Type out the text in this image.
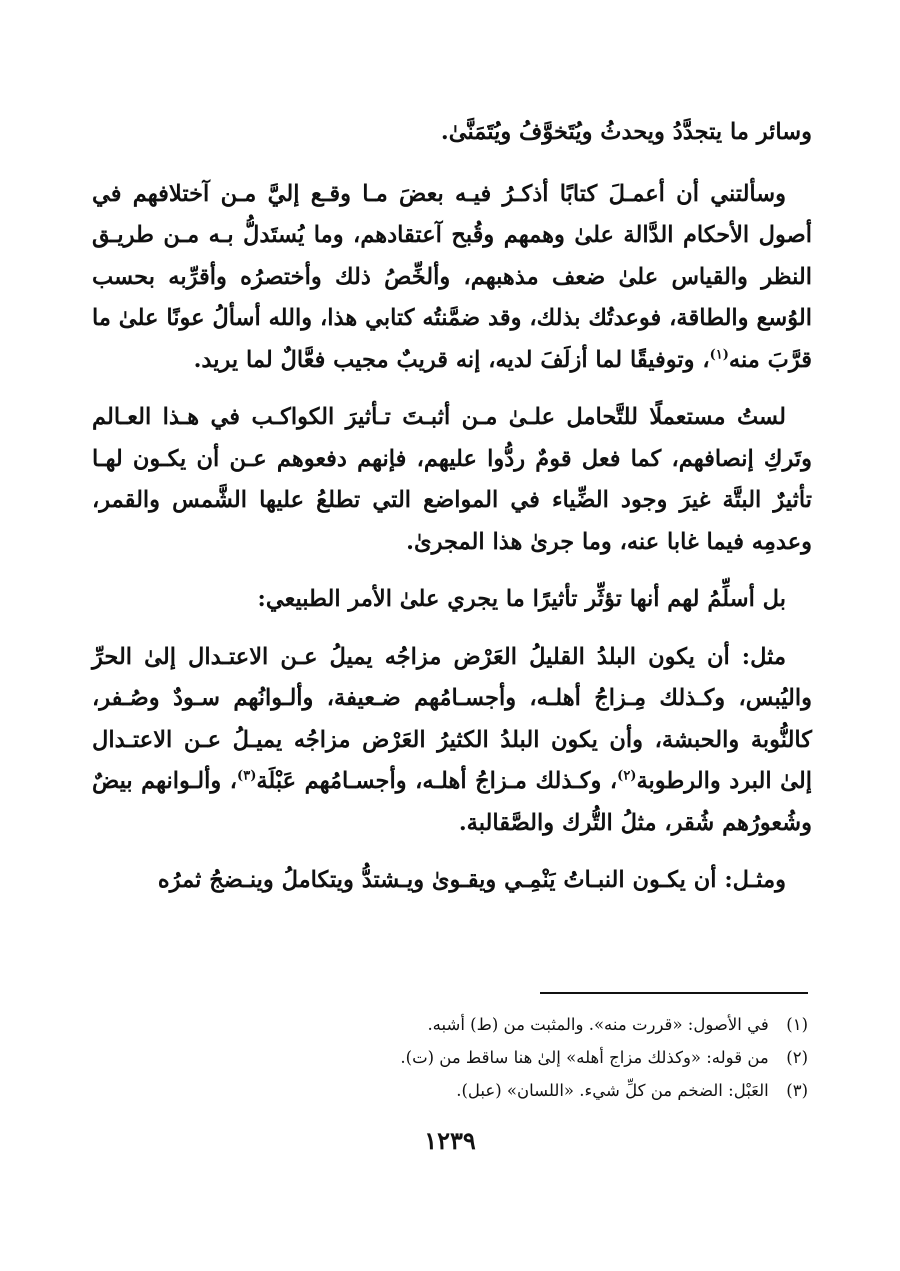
وسائر ما يتجدَّدُ ويحدثُ ويُتَخوَّفُ ويُتَمَنَّىٰ.

وسألتني أن أعمـلَ كتابًا أذكـرُ فيـه بعضَ مـا وقـع إليَّ مـن آختلافهم في أصول الأحكام الدَّالة علىٰ وهمهم وقُبح آعتقادهم، وما يُستَدلُّ بـه مـن طريـق النظر والقياس علىٰ ضعف مذهبهم، وألخِّصُ ذلك وأختصرُه وأقرِّبه بحسب الوُسع والطاقة، فوعدتُك بذلك، وقد ضمَّنتُه كتابي هذا، والله أسألُ عونًا علىٰ ما قرَّبَ منه$^{(١)}$، وتوفيقًا لما أزلَفَ لديه، إنه قريبٌ مجيب فعَّالٌ لما يريد.

لستُ مستعملًا للتَّحامل علـىٰ مـن أثبـتَ تـأثيرَ الكواكـب في هـذا العـالم وتَركِ إنصافهم، كما فعل قومٌ ردُّوا عليهم، فإنهم دفعوهم عـن أن يكـون لهـا تأثيرٌ البتَّة غيرَ وجود الضِّياء في المواضع التي تطلعُ عليها الشَّمس والقمر، وعدمِه فيما غابا عنه، وما جرىٰ هذا المجرىٰ.

بل أسلِّمُ لهم أنها تؤثِّر تأثيرًا ما يجري علىٰ الأمر الطبيعي:

مثل: أن يكون البلدُ القليلُ العَرْض مزاجُه يميلُ عـن الاعتـدال إلىٰ الحرِّ واليُبس، وكـذلك مِـزاجُ أهلـه، وأجسـامُهم ضـعيفة، وألـوانُهم سـودٌ وصُـفر، كالنُّوبة والحبشة، وأن يكون البلدُ الكثيرُ العَرْض مزاجُه يميـلُ عـن الاعتـدال إلىٰ البرد والرطوبة$^{(٢)}$، وكـذلك مـزاجُ أهلـه، وأجسـامُهم عَبْلَة$^{(٣)}$، وألـوانهم بيضٌ وشُعورُهم شُقر، مثلُ التُّرك والصَّقالبة.

ومثـل: أن يكـون النبـاتُ يَنْمِـي ويقـوىٰ ويـشتدُّ ويتكاملُ وينـضجُ ثمرُه

(١) في الأصول: «قررت منه». والمثبت من (ط) أشبه.
(٢) من قوله: «وكذلك مزاج أهله» إلىٰ هنا ساقط من (ت).
(٣) العَبْل: الضخم من كلِّ شيء. «اللسان» (عبل).
١٢٣٩
